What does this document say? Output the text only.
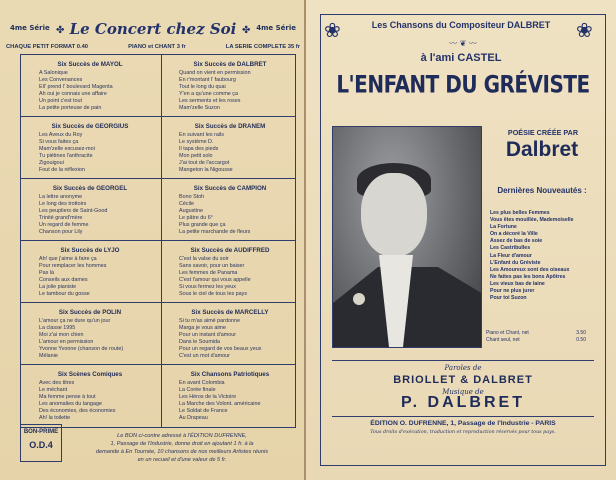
4me Série ✤ Le Concert chez Soi ✤ 4me Série
CHAQUE PETIT FORMAT 0.40	PIANO et CHANT 3 fr	LA SERIE COMPLETE 35 fr
Six Succès de MAYOL
A Salonique
Les Convenances
Ell' prend l' boulevard Magenta
Ah oui je connais une affaire
Un point c'est tout
La petite porteuse de pain
Six Succès de DALBRET
Quand on vient en permission
En r'montant l' faubourg
Tout le long du quai
Y'en a qu'une comme ça
Les serments et les roses
Mam'zelle Suzon
Six Succès de GEORGIUS
Les Aveux du Roy
Si vous faites ça
Mam'zelle excusez-moi
Tu piétines l'anthracite
Zigouigoui
Fout de la réflexion
Six Succès de DRANEM
En suivant les rails
Le système D.
Il tapa des pieds
Mon petit solo
J'ai tout de l'accargot
Mangeton la Nigousse
Six Succès de GEORGEL
La lettre anonyme
Le long des trottoirs
Les peupliers de Saint-Good
Trinité grand'mère
Un regard de femme
Chanson pour Lily
Six Succès de CAMPION
Bono Stoh
Cécile
Augustine
Le pâtre du 6°
Plus grande que ça
La petite marchande de fleurs
Six Succès de LYJO
Ah! que j'aime à faire ça
Pour remplacer les hommes
Pas là
Conseils aux dames
La jolie pianiste
Le tambour du gosse
Six Succès de AUDIFFRED
C'est la valse du soir
Sans savoir, pour un baiser
Les femmes de Panama
C'est l'amour qui vous appelle
Si vous fermez les yeux
Sous le ciel de tous les pays
Six Succès de POLIN
L'amour ça ne dure qu'un jour
La classe 1995
Moi z'ai mon chien
L'amour en permission
Yvonne Yvonne (chanson de route)
Mélanie
Six Succès de MARCELLY
Si tu m'as aimé pardonne
Marga je vous aime
Pour un instant d'amour
Dans le Soumida
Pour un regard de vos beaux yeux
C'est un mot d'amour
Six Scènes Comiques
Avec des titres
Le méchant
Ma femme pense à tout
Les anomalies du langage
Des économies, des économies
Ah! la toilette
Six Chansons Patriotiques
En avant Colombia
La Corée finale
Les Héros de la Victoire
La Marche des Volont. américaine
Le Soldat de France
Au Drapeau
BON-PRIME
O.D.4
Le BON ci-contre adressé à l'ÉDITION DUFRENNE,
1, Passage de l'Industrie, donne droit en ajoutant 1 fr. à la
demande à En Tournée, 10 chansons de nos meilleurs Artistes réunis
en un recueil et d'une valeur de 5 fr.
❀	❀
Les Chansons du Compositeur DALBRET
〰 ❦ 〰
à l'ami CASTEL
L'ENFANT DU GRÉVISTE
Paroles de
BRIOLLET & DALBRET
Musique de
P. DALBRET
ÉDITION O. DUFRENNE, 1, Passage de l'Industrie - PARIS
Tous droits d'exécution, traduction et reproduction réservés pour tous pays.
POÉSIE CRÉÉE PAR
Dalbret
Dernières Nouveautés :
Les plus belles Femmes
Vous êtes mouillée, Mademoiselle
La Fortune
On a décoré la Ville
Assez de bas de soie
Les Castribulles
La Fleur d'amour
L'Enfant du Gréviste
Les Amoureux sont des oiseaux
Ne faites pas les bons Apôtres
Les vieux bas de laine
Pour ne plus jurer
Pour toi Suzon
Piano et Chant, net	3.50
Chant seul, net	0.50
